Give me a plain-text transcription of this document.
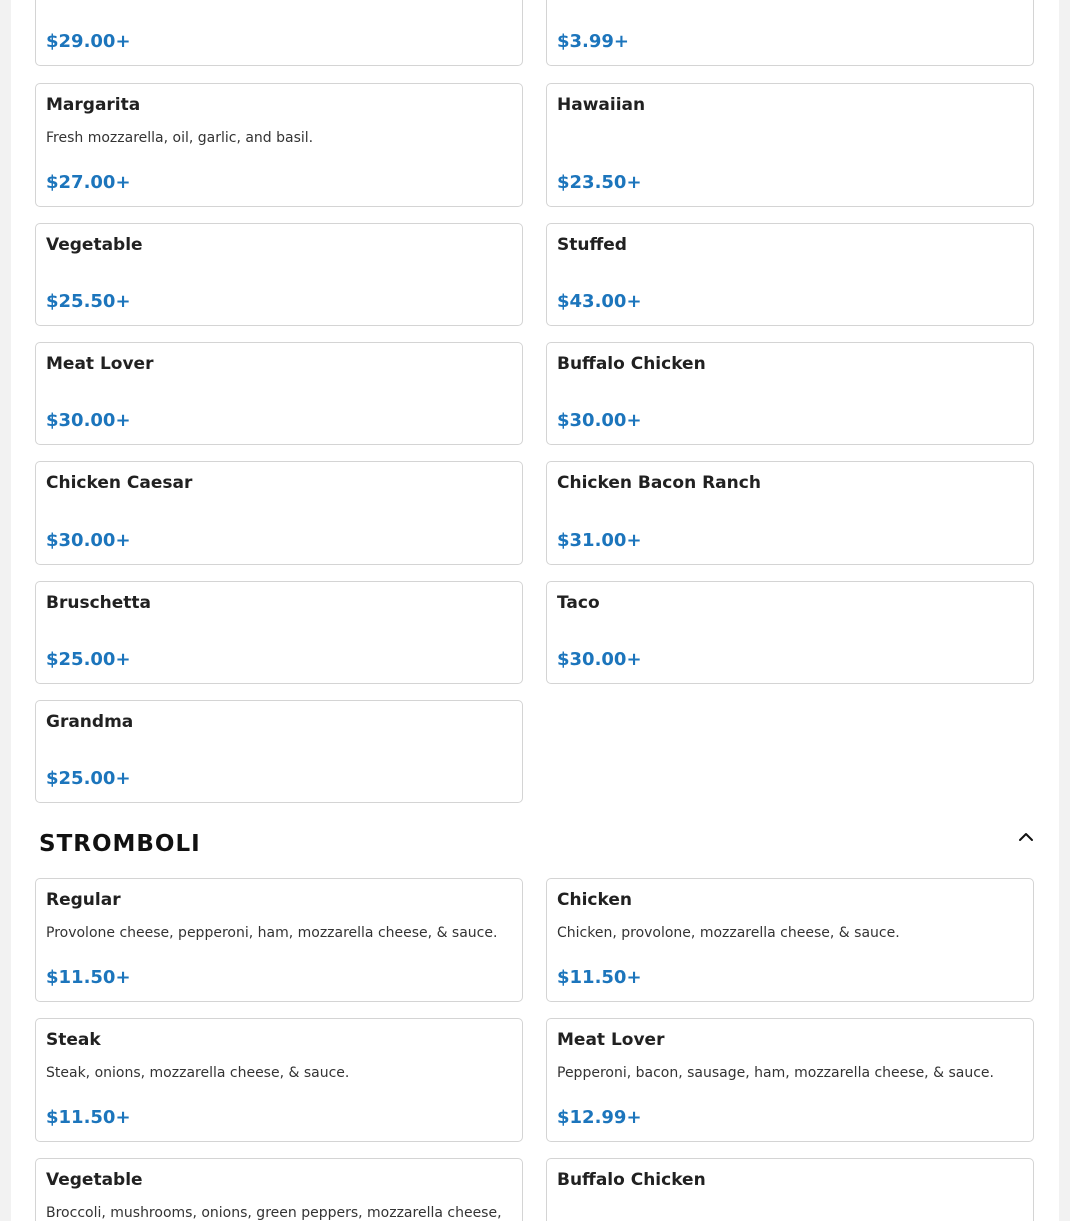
$29.00+	$3.99+
Margarita
Fresh mozzarella, oil, garlic, and basil.
$27.00+
Hawaiian
$23.50+
Vegetable
$25.50+
Stuffed
$43.00+
Meat Lover
$30.00+
Buffalo Chicken
$30.00+
Chicken Caesar
$30.00+
Chicken Bacon Ranch
$31.00+
Bruschetta
$25.00+
Taco
$30.00+
Grandma
$25.00+
STROMBOLI
Regular
Provolone cheese, pepperoni, ham, mozzarella cheese, & sauce.
$11.50+
Chicken
Chicken, provolone, mozzarella cheese, & sauce.
$11.50+
Steak
Steak, onions, mozzarella cheese, & sauce.
$11.50+
Meat Lover
Pepperoni, bacon, sausage, ham, mozzarella cheese, & sauce.
$12.99+
Vegetable
Broccoli, mushrooms, onions, green peppers, mozzarella cheese,
Buffalo Chicken
